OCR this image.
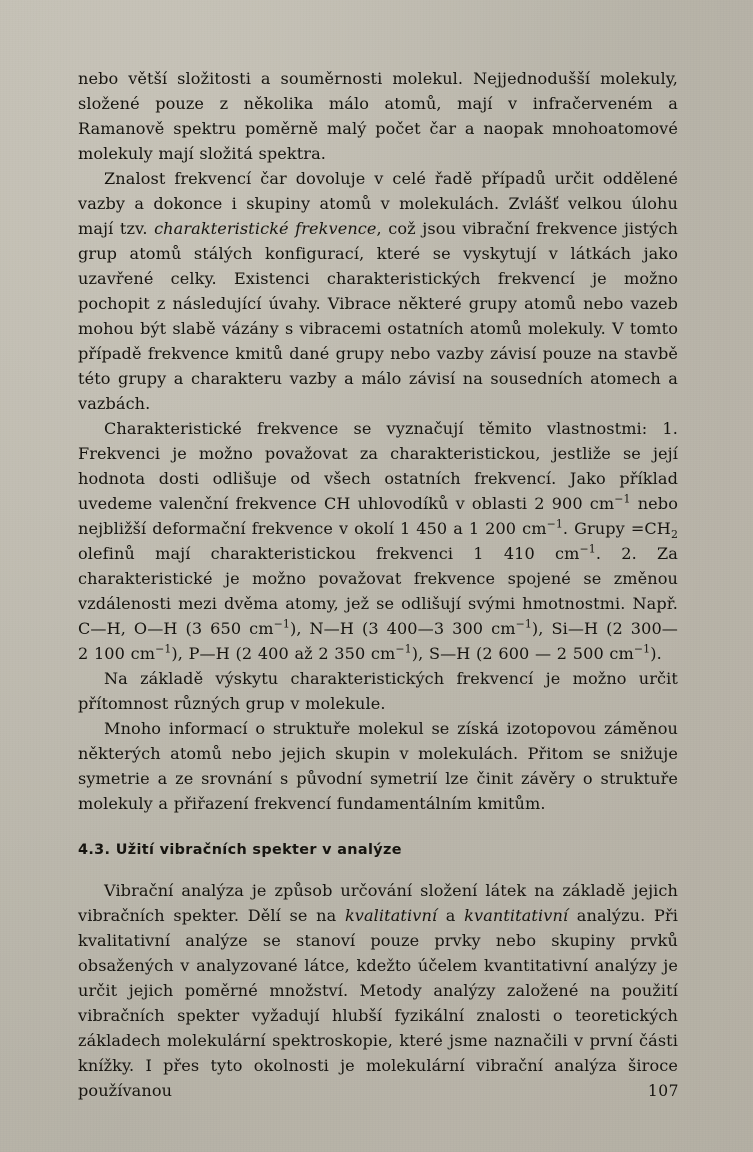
nebo větší složitosti a souměrnosti molekul. Nejjednodušší molekuly, složené pouze z několika málo atomů, mají v infračerveném a Ramanově spektru poměrně malý počet čar a naopak mnohoatomové molekuly mají složitá spektra.

Znalost frekvencí čar dovoluje v celé řadě případů určit oddělené vazby a dokonce i skupiny atomů v molekulách. Zvlášť velkou úlohu mají tzv. charakteristické frekvence, což jsou vibrační frekvence jistých grup atomů stálých konfigurací, které se vyskytují v látkách jako uzavřené celky. Existenci charakteristických frekvencí je možno pochopit z následující úvahy. Vibrace některé grupy atomů nebo vazeb mohou být slabě vázány s vibracemi ostatních atomů molekuly. V tomto případě frekvence kmitů dané grupy nebo vazby závisí pouze na stavbě této grupy a charakteru vazby a málo závisí na sousedních atomech a vazbách.

Charakteristické frekvence se vyznačují těmito vlastnostmi: 1. Frekvenci je možno považovat za charakteristickou, jestliže se její hodnota dosti odlišuje od všech ostatních frekvencí. Jako příklad uvedeme valenční frekvence CH uhlovodíků v oblasti 2 900 $cm^{-1}$ nebo nejbližší deformační frekvence v okolí 1 450 a 1 200 $cm^{-1}$. Grupy $=CH_2$ olefinů mají charakteristickou frekvenci 1 410 $cm^{-1}$. 2. Za charakteristické je možno považovat frekvence spojené se změnou vzdálenosti mezi dvěma atomy, jež se odlišují svými hmotnostmi. Např. C—H, O—H (3 650 $cm^{-1}$), N—H (3 400—3 300 $cm^{-1}$), Si—H (2 300—2 100 $cm^{-1}$), P—H (2 400 až 2 350 $cm^{-1}$), S—H (2 600 — 2 500 $cm^{-1}$).

Na základě výskytu charakteristických frekvencí je možno určit přítomnost různých grup v molekule.

Mnoho informací o struktuře molekul se získá izotopovou záměnou některých atomů nebo jejich skupin v molekulách. Přitom se snižuje symetrie a ze srovnání s původní symetrií lze činit závěry o struktuře molekuly a přiřazení frekvencí fundamentálním kmitům.

4.3. Užití vibračních spekter v analýze

Vibrační analýza je způsob určování složení látek na základě jejich vibračních spekter. Dělí se na kvalitativní a kvantitativní analýzu. Při kvalitativní analýze se stanoví pouze prvky nebo skupiny prvků obsažených v analyzované látce, kdežto účelem kvantitativní analýzy je určit jejich poměrné množství. Metody analýzy založené na použití vibračních spekter vyžadují hlubší fyzikální znalosti o teoretických základech molekulární spektroskopie, které jsme naznačili v první části knížky. I přes tyto okolnosti je molekulární vibrační analýza široce používanou	107
